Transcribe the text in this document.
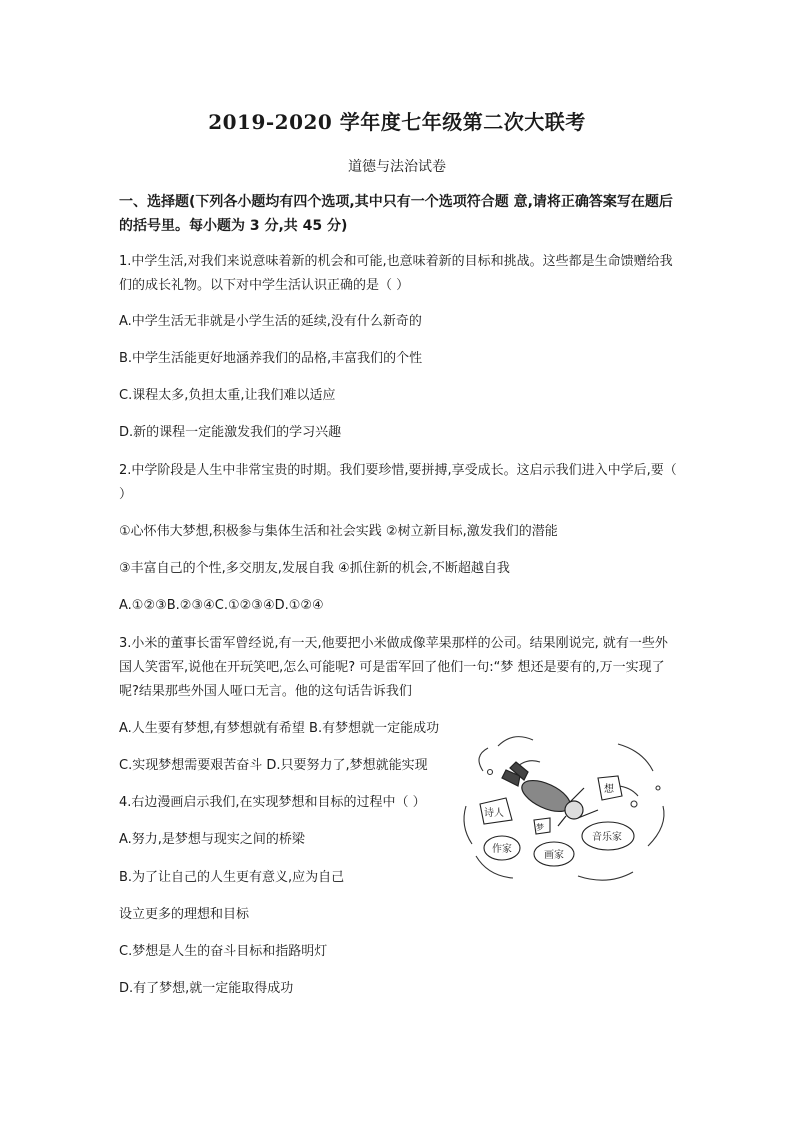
2019-2020 学年度七年级第二次大联考
道德与法治试卷
一、选择题(下列各小题均有四个选项,其中只有一个选项符合题 意,请将正确答案写在题后的括号里。每小题为 3 分,共 45 分)
1.中学生活,对我们来说意味着新的机会和可能,也意味着新的目标和挑战。这些都是生命馈赠给我们的成长礼物。以下对中学生活认识正确的是（ ）
A.中学生活无非就是小学生活的延续,没有什么新奇的
B.中学生活能更好地涵养我们的品格,丰富我们的个性
C.课程太多,负担太重,让我们难以适应
D.新的课程一定能激发我们的学习兴趣
2.中学阶段是人生中非常宝贵的时期。我们要珍惜,要拼搏,享受成长。这启示我们进入中学后,要（ ）
①心怀伟大梦想,积极参与集体生活和社会实践 ②树立新目标,激发我们的潜能
③丰富自己的个性,多交朋友,发展自我 ④抓住新的机会,不断超越自我
A.①②③B.②③④C.①②③④D.①②④
3.小米的董事长雷军曾经说,有一天,他要把小米做成像苹果那样的公司。结果刚说完, 就有一些外国人笑雷军,说他在开玩笑吧,怎么可能呢? 可是雷军回了他们一句:“梦 想还是要有的,万一实现了呢?结果那些外国人哑口无言。他的这句话告诉我们
A.人生要有梦想,有梦想就有希望 B.有梦想就一定能成功
C.实现梦想需要艰苦奋斗 D.只要努力了,梦想就能实现
4.右边漫画启示我们,在实现梦想和目标的过程中（ ）
A.努力,是梦想与现实之间的桥梁
B.为了让自己的人生更有意义,应为自己
设立更多的理想和目标
C.梦想是人生的奋斗目标和指路明灯
D.有了梦想,就一定能取得成功
诗人
梦
想
作家
画家
音乐家
